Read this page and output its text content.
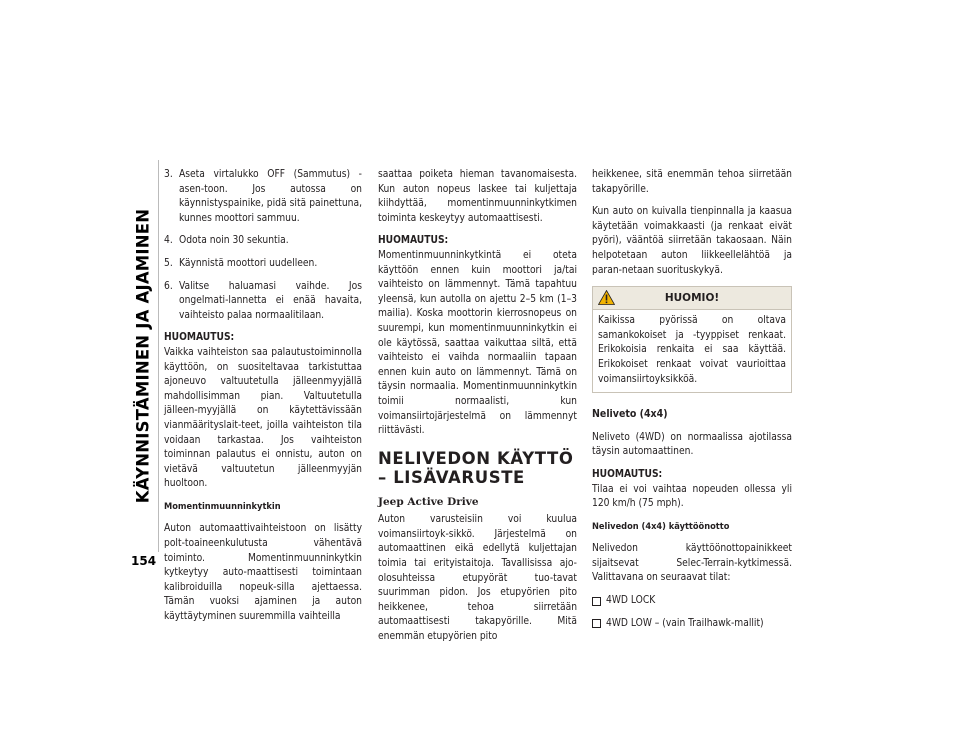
KÄYNNISTÄMINEN JA AJAMINEN
154
3. Aseta virtalukko OFF (Sammutus) -asen-toon. Jos autossa on käynnistyspainike, pidä sitä painettuna, kunnes moottori sammuu.
4. Odota noin 30 sekuntia.
5. Käynnistä moottori uudelleen.
6. Valitse haluamasi vaihde. Jos ongelmati-lannetta ei enää havaita, vaihteisto palaa normaalitilaan.
HUOMAUTUS:

Vaikka vaihteiston saa palautustoiminnolla käyttöön, on suositeltavaa tarkistuttaa ajoneuvo valtuutetulla jälleenmyyjällä mahdollisimman pian. Valtuutetulla jälleen-myyjällä on käytettävissään vianmäärityslait-teet, joilla vaihteiston tila voidaan tarkastaa. Jos vaihteiston toiminnan palautus ei onnistu, auton on vietävä valtuutetun jälleenmyyjän huoltoon.

Momentinmuunninkytkin

Auton automaattivaihteistoon on lisätty polt-toaineenkulutusta vähentävä toiminto. Momentinmuunninkytkin kytkeytyy auto-maattisesti toimintaan kalibroiduilla nopeuk-silla ajettaessa. Tämän vuoksi ajaminen ja auton käyttäytyminen suuremmilla vaihteilla

saattaa poiketa hieman tavanomaisesta. Kun auton nopeus laskee tai kuljettaja kiihdyttää, momentinmuunninkytkimen toiminta keskeytyy automaattisesti.

HUOMAUTUS:

Momentinmuunninkytkintä ei oteta käyttöön ennen kuin moottori ja/tai vaihteisto on lämmennyt. Tämä tapahtuu yleensä, kun autolla on ajettu 2–5 km (1–3 mailia). Koska moottorin kierrosnopeus on suurempi, kun momentinmuunninkytkin ei ole käytössä, saattaa vaikuttaa siltä, että vaihteisto ei vaihda normaaliin tapaan ennen kuin auto on lämmennyt. Tämä on täysin normaalia. Momentinmuunninkytkin toimii normaalisti, kun voimansiirtojärjestelmä on lämmennyt riittävästi.

NELIVEDON KÄYTTÖ – LISÄVARUSTE
Jeep Active Drive

Auton varusteisiin voi kuulua voimansiirtoyk-sikkö. Järjestelmä on automaattinen eikä edellytä kuljettajan toimia tai erityistaitoja. Tavallisissa ajo-olosuhteissa etupyörät tuo-tavat suurimman pidon. Jos etupyörien pito heikkenee, tehoa siirretään automaattisesti takapyörille. Mitä enemmän etupyörien pito

heikkenee, sitä enemmän tehoa siirretään takapyörille.

Kun auto on kuivalla tienpinnalla ja kaasua käytetään voimakkaasti (ja renkaat eivät pyöri), vääntöä siirretään takaosaan. Näin helpotetaan auton liikkeellelähtöä ja paran-netaan suorituskykyä.

HUOMIO!
Kaikissa pyörissä on oltava samankokoiset ja -tyyppiset renkaat. Erikokoisia renkaita ei saa käyttää. Erikokoiset renkaat voivat vaurioittaa voimansiirtoyksikköä.
Neliveto (4x4)

Neliveto (4WD) on normaalissa ajotilassa täysin automaattinen.

HUOMAUTUS:

Tilaa ei voi vaihtaa nopeuden ollessa yli 120 km/h (75 mph).

Nelivedon (4x4) käyttöönotto

Nelivedon käyttöönottopainikkeet sijaitsevat Selec-Terrain-kytkimessä. Valittavana on seuraavat tilat:

4WD LOCK
4WD LOW – (vain Trailhawk-mallit)
